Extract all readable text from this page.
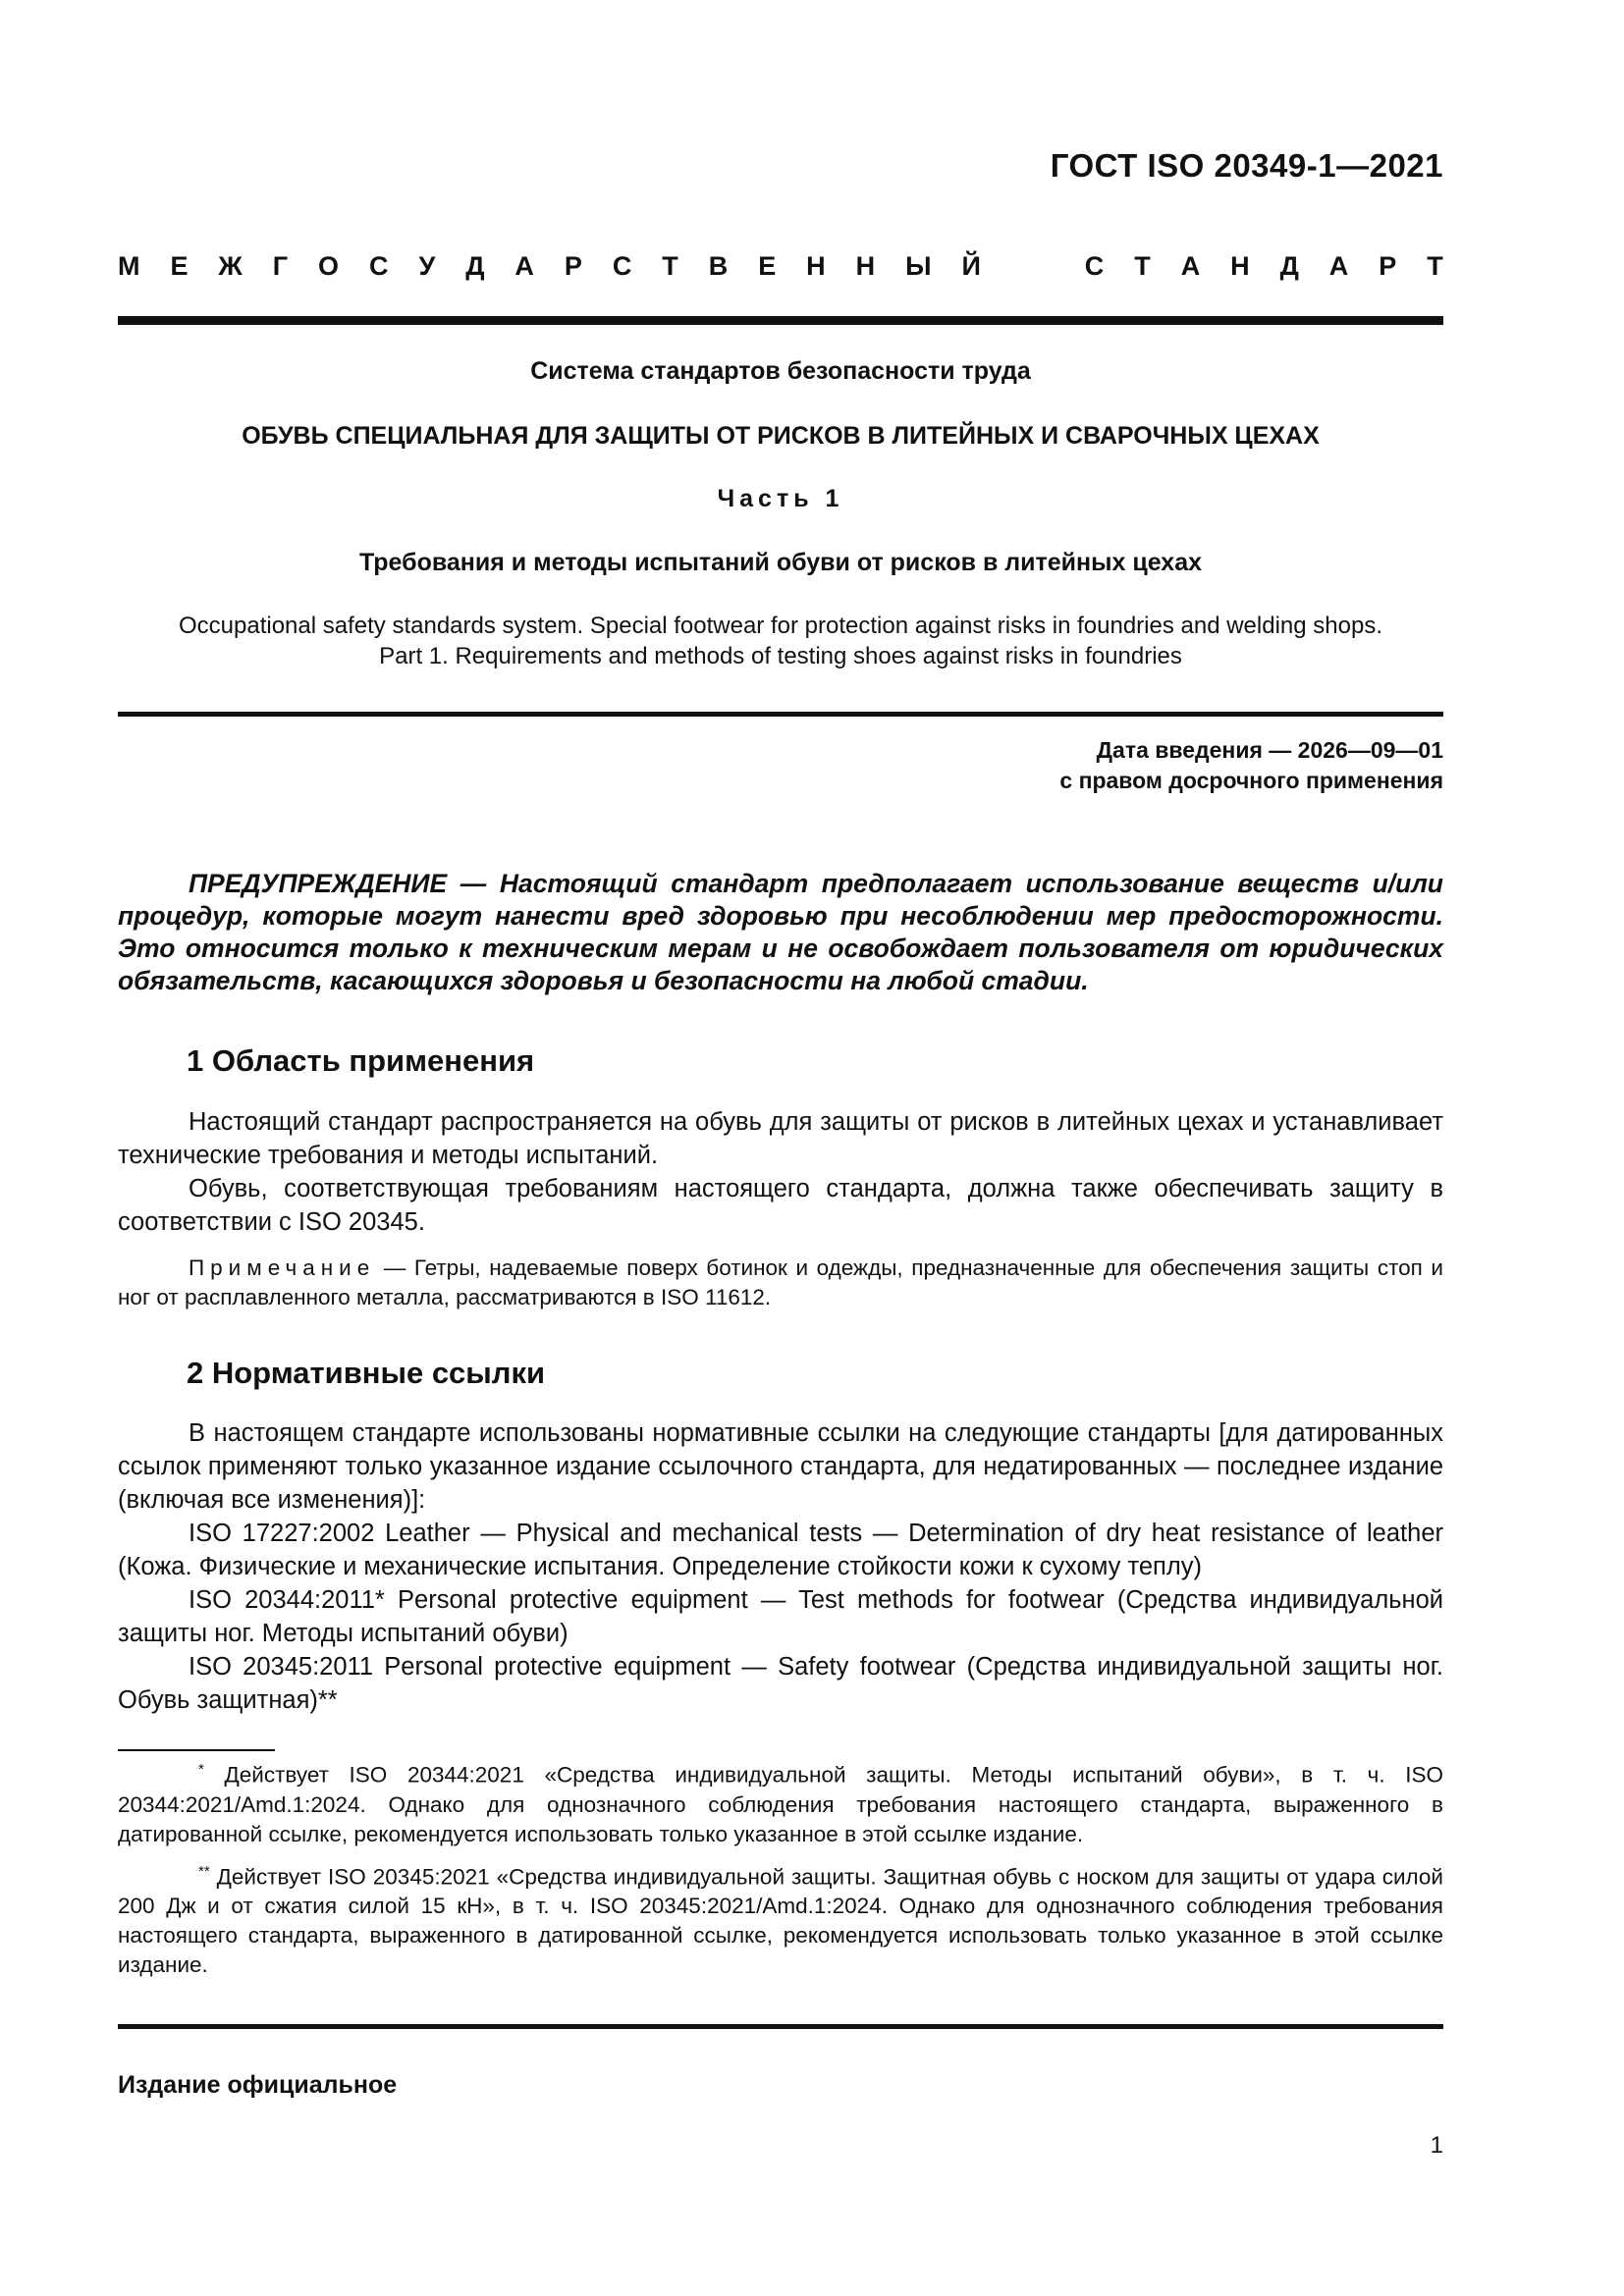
ГОСТ ISO 20349-1—2021
М Е Ж Г О С У Д А Р С Т В Е Н Н Ы Й	С Т А Н Д А Р Т
Система стандартов безопасности труда
ОБУВЬ СПЕЦИАЛЬНАЯ ДЛЯ ЗАЩИТЫ ОТ РИСКОВ В ЛИТЕЙНЫХ И СВАРОЧНЫХ ЦЕХАХ
Часть 1
Требования и методы испытаний обуви от рисков в литейных цехах
Occupational safety standards system. Special footwear for protection against risks in foundries and welding shops.
Part 1. Requirements and methods of testing shoes against risks in foundries
Дата введения — 2026—09—01
с правом досрочного применения
ПРЕДУПРЕЖДЕНИЕ — Настоящий стандарт предполагает использование веществ и/или процедур, которые могут нанести вред здоровью при несоблюдении мер предосторожности. Это относится только к техническим мерам и не освобождает пользователя от юридических обязательств, касающихся здоровья и безопасности на любой стадии.
1 Область применения

Настоящий стандарт распространяется на обувь для защиты от рисков в литейных цехах и устанавливает технические требования и методы испытаний.

Обувь, соответствующая требованиям настоящего стандарта, должна также обеспечивать защиту в соответствии с ISO 20345.

Примечание — Гетры, надеваемые поверх ботинок и одежды, предназначенные для обеспечения защиты стоп и ног от расплавленного металла, рассматриваются в ISO 11612.
2 Нормативные ссылки

В настоящем стандарте использованы нормативные ссылки на следующие стандарты [для датированных ссылок применяют только указанное издание ссылочного стандарта, для недатированных — последнее издание (включая все изменения)]:

ISO 17227:2002 Leather — Physical and mechanical tests — Determination of dry heat resistance of leather (Кожа. Физические и механические испытания. Определение стойкости кожи к сухому теплу)

ISO 20344:2011* Personal protective equipment — Test methods for footwear (Средства индивидуальной защиты ног. Методы испытаний обуви)

ISO 20345:2011 Personal protective equipment — Safety footwear (Средства индивидуальной защиты ног. Обувь защитная)**

* Действует ISO 20344:2021 «Средства индивидуальной защиты. Методы испытаний обуви», в т. ч. ISO 20344:2021/Amd.1:2024. Однако для однозначного соблюдения требования настоящего стандарта, выраженного в датированной ссылке, рекомендуется использовать только указанное в этой ссылке издание.

** Действует ISO 20345:2021 «Средства индивидуальной защиты. Защитная обувь с носком для защиты от удара силой 200 Дж и от сжатия силой 15 кН», в т. ч. ISO 20345:2021/Amd.1:2024. Однако для однозначного соблюдения требования настоящего стандарта, выраженного в датированной ссылке, рекомендуется использовать только указанное в этой ссылке издание.

Издание официальное
1
